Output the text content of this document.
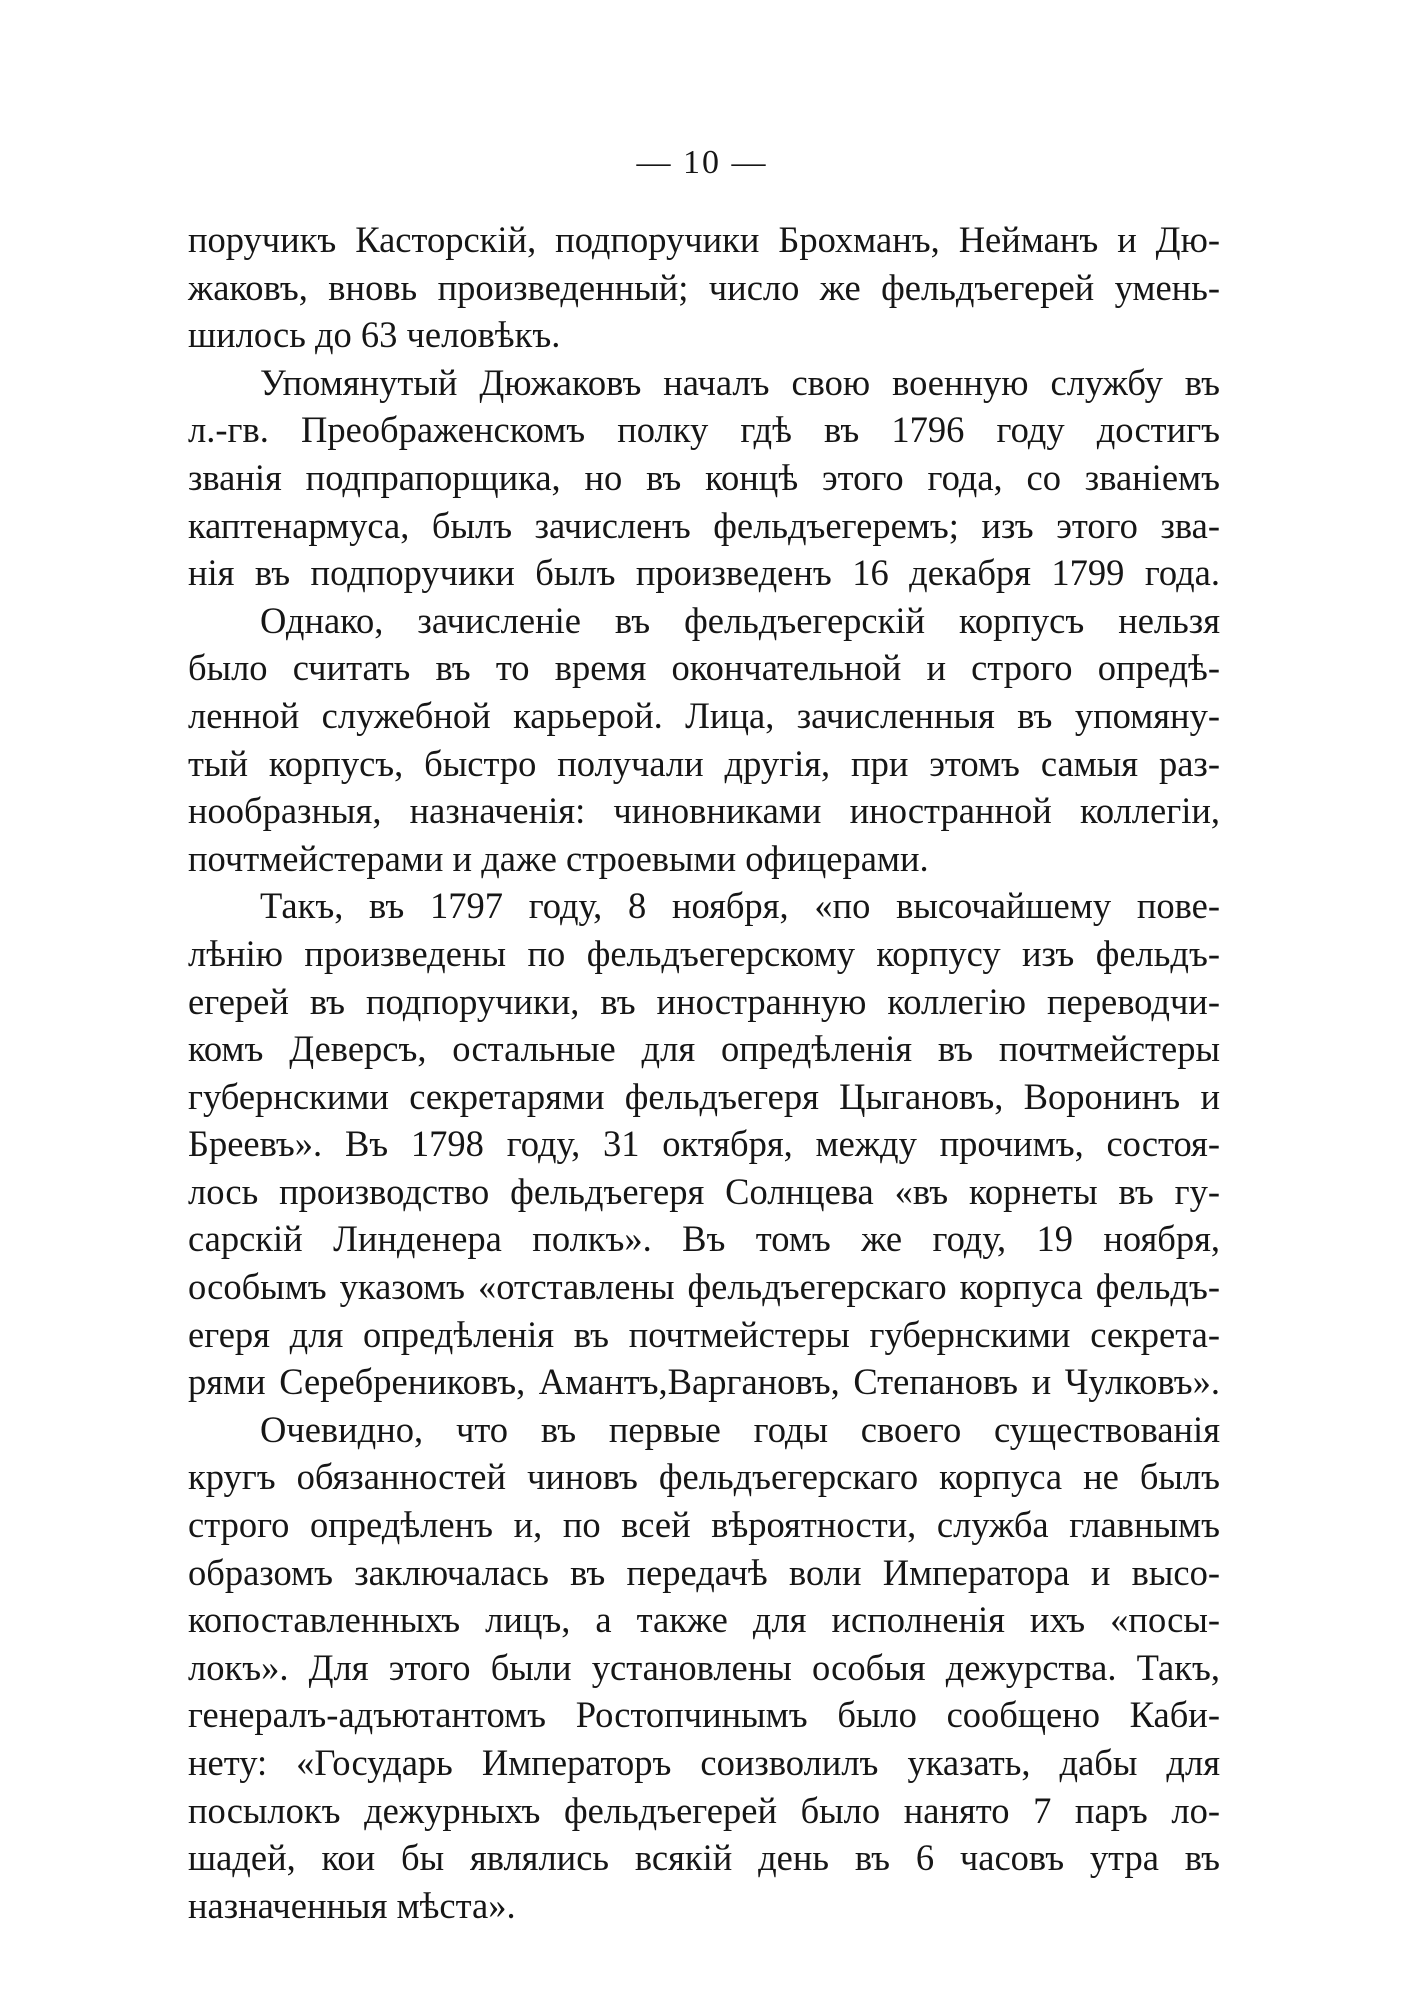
— 10 —
поручикъ Касторскій, подпоручики Брохманъ, Нейманъ и Дю-
жаковъ, вновь произведенный; число же фельдъегерей умень-
шилось до 63 человѣкъ.
Упомянутый Дюжаковъ началъ свою военную службу въ
л.-гв. Преображенскомъ полку гдѣ въ 1796 году достигъ
званія подпрапорщика, но въ концѣ этого года, со званіемъ
каптенармуса, былъ зачисленъ фельдъегеремъ; изъ этого зва-
нія въ подпоручики былъ произведенъ 16 декабря 1799 года.
Однако, зачисленіе въ фельдъегерскій корпусъ нельзя
было считать въ то время окончательной и строго опредѣ-
ленной служебной карьерой. Лица, зачисленныя въ упомяну-
тый корпусъ, быстро получали другія, при этомъ самыя раз-
нообразныя, назначенія: чиновниками иностранной коллегіи,
почтмейстерами и даже строевыми офицерами.
Такъ, въ 1797 году, 8 ноября, «по высочайшему пове-
лѣнію произведены по фельдъегерскому корпусу изъ фельдъ-
егерей въ подпоручики, въ иностранную коллегію переводчи-
комъ Деверсъ, остальные для опредѣленія въ почтмейстеры
губернскими секретарями фельдъегеря Цыгановъ, Воронинъ и
Бреевъ». Въ 1798 году, 31 октября, между прочимъ, состоя-
лось производство фельдъегеря Солнцева «въ корнеты въ гу-
сарскій Линденера полкъ». Въ томъ же году, 19 ноября,
особымъ указомъ «отставлены фельдъегерскаго корпуса фельдъ-
егеря для опредѣленія въ почтмейстеры губернскими секрета-
рями Серебрениковъ, Амантъ,Варгановъ, Степановъ и Чулковъ».
Очевидно, что въ первые годы своего существованія
кругъ обязанностей чиновъ фельдъегерскаго корпуса не былъ
строго опредѣленъ и, по всей вѣроятности, служба главнымъ
образомъ заключалась въ передачѣ воли Императора и высо-
копоставленныхъ лицъ, а также для исполненія ихъ «посы-
локъ». Для этого были установлены особыя дежурства. Такъ,
генералъ-адъютантомъ Ростопчинымъ было сообщено Каби-
нету: «Государь Императоръ соизволилъ указать, дабы для
посылокъ дежурныхъ фельдъегерей было нанято 7 паръ ло-
шадей, кои бы являлись всякій день въ 6 часовъ утра въ
назначенныя мѣста».
